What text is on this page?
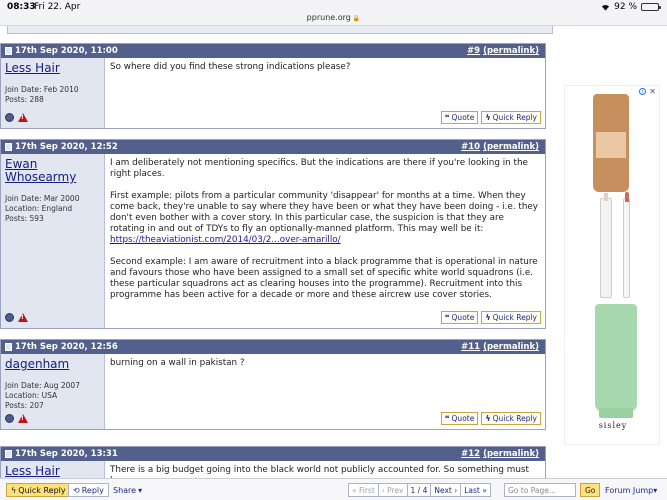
08:33
Fri 22. Apr
pprune.org 🔒
92 %
17th Sep 2020, 11:00	#9 (permalink)
Less Hair
Join Date: Feb 2010
Posts: 288
!

So where did you find these strong indications please?

❝ Quote ϟ Quick Reply
17th Sep 2020, 12:52	#10 (permalink)
Ewan Whosearmy
Join Date: Mar 2000
Location: England
Posts: 593
!

I am deliberately not mentioning specifics. But the indications are there if you're looking in the right places.

First example: pilots from a particular community 'disappear' for months at a time. When they come back, they're unable to say where they have been or what they have been doing - i.e. they don't even bother with a cover story. In this particular case, the suspicion is that they are rotating in and out of TDYs to fly an optionally-manned platform. This may well be it:
https://theaviationist.com/2014/03/2...over-amarillo/

Second example: I am aware of recruitment into a black programme that is operational in nature and favours those who have been assigned to a small set of specific white world squadrons (i.e. these particular squadrons act as clearing houses into the programme). Recruitment into this programme has been active for a decade or more and these aircrew use cover stories.

❝ Quote ϟ Quick Reply
17th Sep 2020, 12:56	#11 (permalink)
dagenham
Join Date: Aug 2007
Location: USA
Posts: 207
!

burning on a wall in pakistan ?

❝ Quote ϟ Quick Reply
17th Sep 2020, 13:31	#12 (permalink)
Less Hair	There is a big budget going into the black world not publicly accounted for. So something must

i ✕
sisley
ϟ Quick Reply ⟲ Reply Share ▾	« First ‹ Prev 1 / 4 Next › Last »	Go to Page...	Go	Forum Jump ▾
